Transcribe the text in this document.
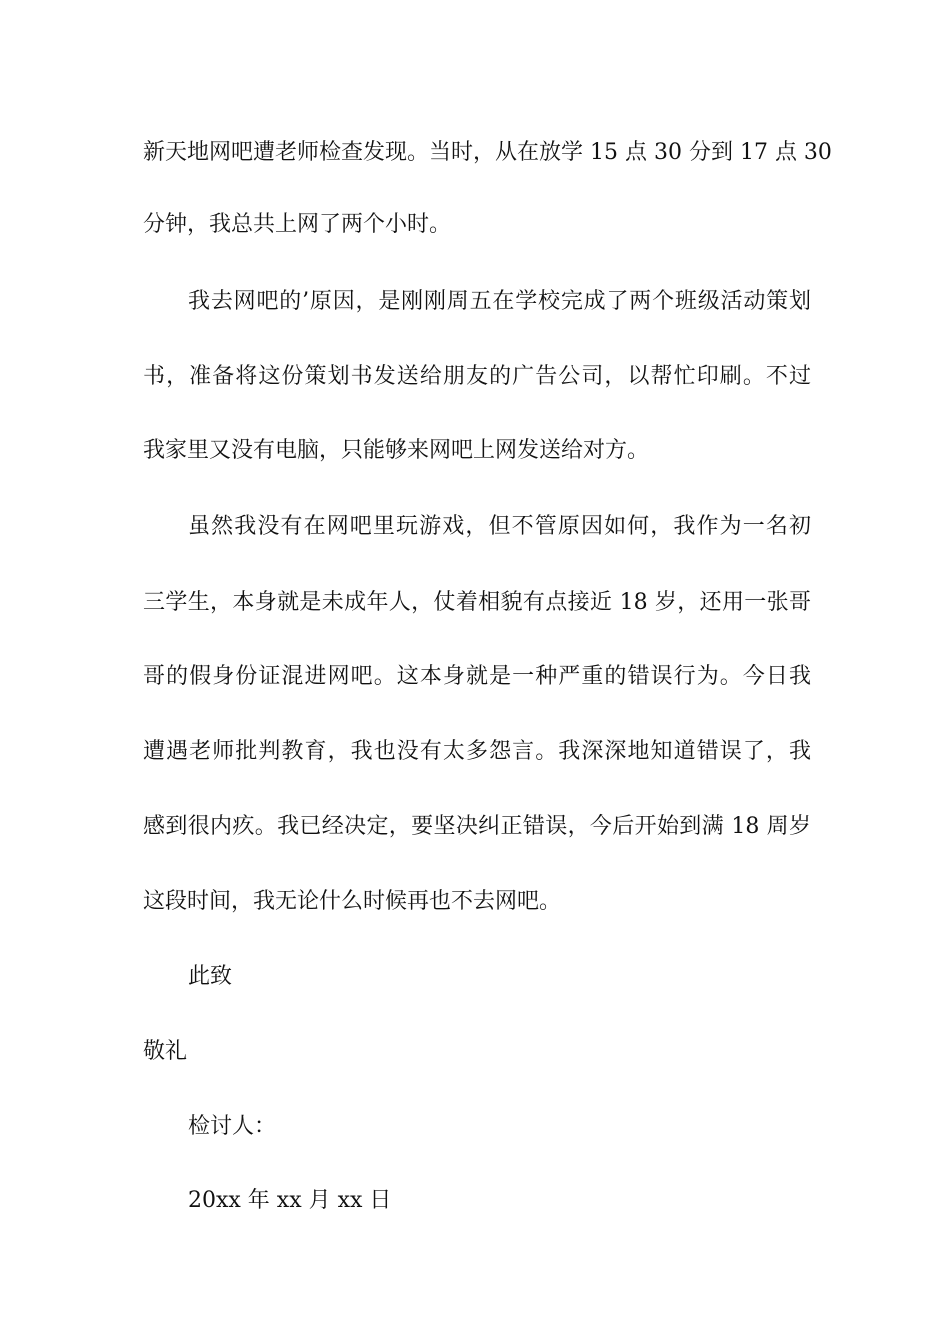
新天地网吧遭老师检查发现。当时，从在放学 15 点 30 分到 17 点 30
分钟，我总共上网了两个小时。
我去网吧的’原因，是刚刚周五在学校完成了两个班级活动策划
书，准备将这份策划书发送给朋友的广告公司，以帮忙印刷。不过
我家里又没有电脑，只能够来网吧上网发送给对方。
虽然我没有在网吧里玩游戏，但不管原因如何，我作为一名初
三学生，本身就是未成年人，仗着相貌有点接近 18 岁，还用一张哥
哥的假身份证混进网吧。这本身就是一种严重的错误行为。今日我
遭遇老师批判教育，我也没有太多怨言。我深深地知道错误了，我
感到很内疚。我已经决定，要坚决纠正错误，今后开始到满 18 周岁
这段时间，我无论什么时候再也不去网吧。
此致
敬礼
检讨人：
20xx 年 xx 月 xx 日
